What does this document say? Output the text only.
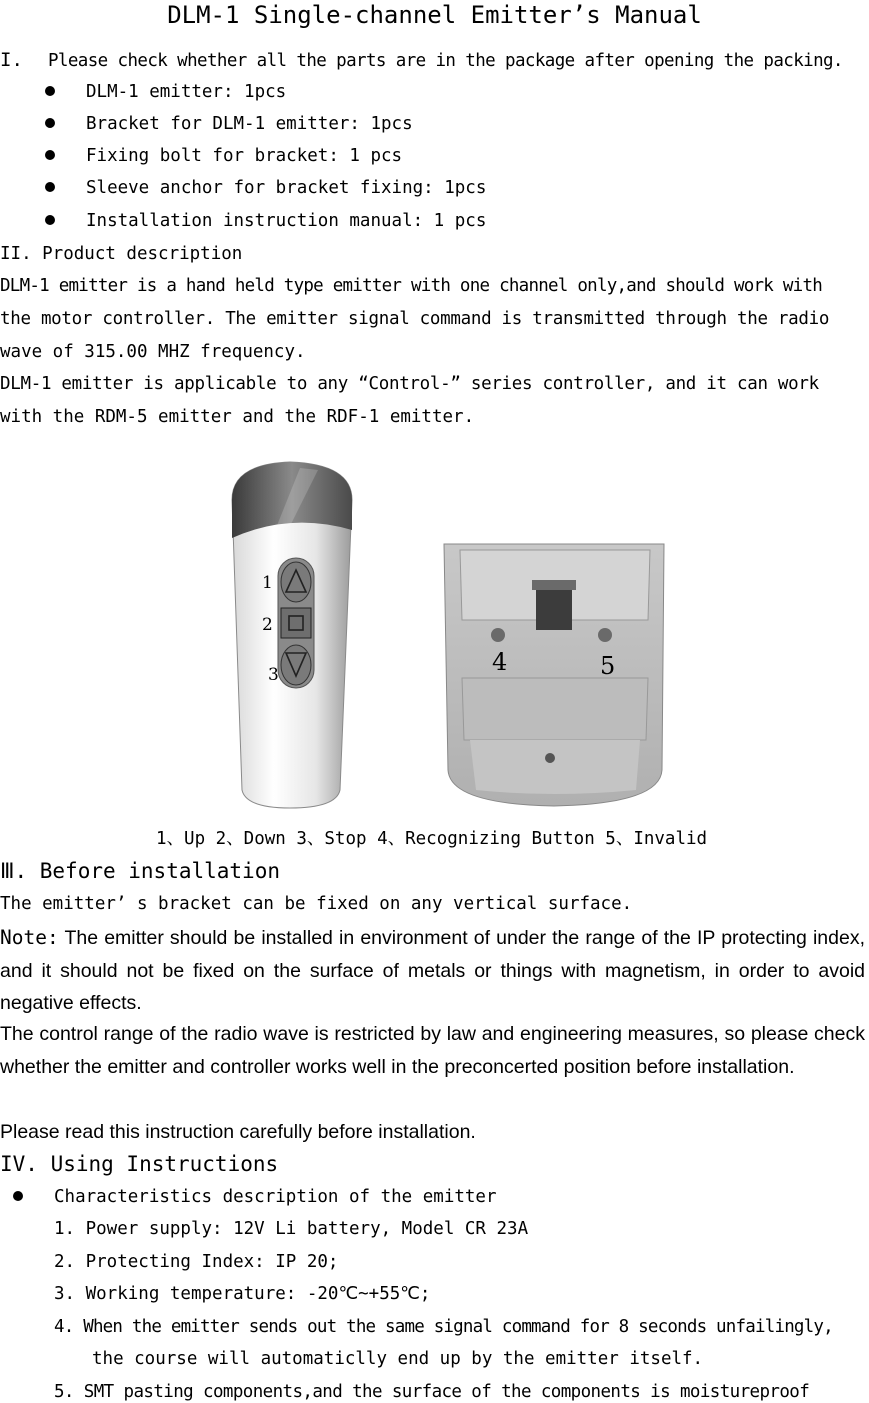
DLM-1 Single-channel Emitter’s Manual
I. Please check whether all the parts are in the package after opening the packing.
DLM-1 emitter: 1pcs
Bracket for DLM-1 emitter: 1pcs
Fixing bolt for bracket: 1 pcs
Sleeve anchor for bracket fixing: 1pcs
Installation instruction manual: 1 pcs
II. Product description
DLM-1 emitter is a hand held type emitter with one channel only,and should work with
the motor controller. The emitter signal command is transmitted through the radio
wave of 315.00 MHZ frequency.
DLM-1 emitter is applicable to any “Control-” series controller, and it can work
with the RDM-5 emitter and the RDF-1 emitter.
1
2
3	4	5
1、Up 2、Down 3、Stop 4、Recognizing Button 5、Invalid
Ⅲ. Before installation
The emitter’ s bracket can be fixed on any vertical surface.
Note: The emitter should be installed in environment of under the range of the IP protecting index, and it should not be fixed on the surface of metals or things with magnetism, in order to avoid negative effects.
The control range of the radio wave is restricted by law and engineering measures, so please check whether the emitter and controller works well in the preconcerted position before installation.
Please read this instruction carefully before installation.
IV. Using Instructions
Characteristics description of the emitter
1. Power supply: 12V Li battery, Model CR 23A
2. Protecting Index: IP 20;
3. Working temperature: -20℃~+55℃;
4. When the emitter sends out the same signal command for 8 seconds unfailingly,
the course will automaticlly end up by the emitter itself.
5. SMT pasting components,and the surface of the components is moistureproof
